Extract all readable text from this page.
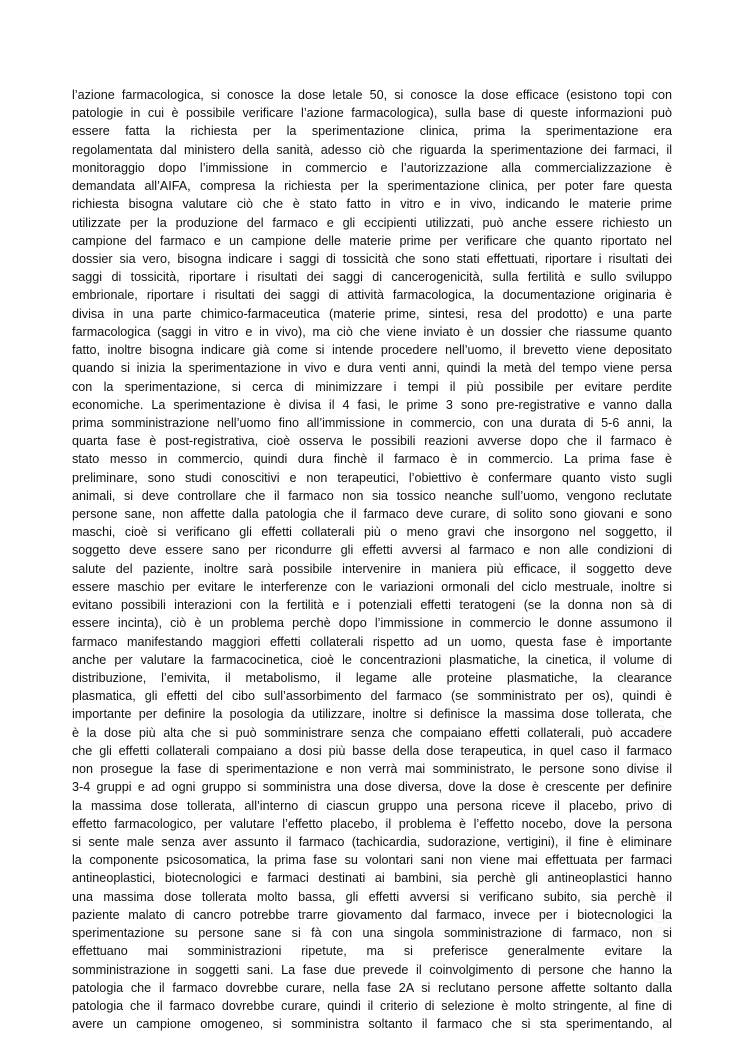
l’azione farmacologica, si conosce la dose letale 50, si conosce la dose efficace (esistono topi con
patologie in cui è possibile verificare l’azione farmacologica), sulla base di queste informazioni può
essere fatta la richiesta per la sperimentazione clinica, prima la sperimentazione era
regolamentata dal ministero della sanità, adesso ciò che riguarda la sperimentazione dei farmaci, il
monitoraggio dopo l’immissione in commercio e l’autorizzazione alla commercializzazione è
demandata all’AIFA, compresa la richiesta per la sperimentazione clinica, per poter fare questa
richiesta bisogna valutare ciò che è stato fatto in vitro e in vivo, indicando le materie prime
utilizzate per la produzione del farmaco e gli eccipienti utilizzati, può anche essere richiesto un
campione del farmaco e un campione delle materie prime per verificare che quanto riportato nel
dossier sia vero, bisogna indicare i saggi di tossicità che sono stati effettuati, riportare i risultati dei
saggi di tossicità, riportare i risultati dei saggi di cancerogenicità, sulla fertilità e sullo sviluppo
embrionale, riportare i risultati dei saggi di attività farmacologica, la documentazione originaria è
divisa in una parte chimico-farmaceutica (materie prime, sintesi, resa del prodotto) e una parte
farmacologica (saggi in vitro e in vivo), ma ciò che viene inviato è un dossier che riassume quanto
fatto, inoltre bisogna indicare già come si intende procedere nell’uomo, il brevetto viene depositato
quando si inizia la sperimentazione in vivo e dura venti anni, quindi la metà del tempo viene persa
con la sperimentazione, si cerca di minimizzare i tempi il più possibile per evitare perdite
economiche. La sperimentazione è divisa il 4 fasi, le prime 3 sono pre-registrative e vanno dalla
prima somministrazione nell’uomo fino all’immissione in commercio, con una durata di 5-6 anni, la
quarta fase è post-registrativa, cioè osserva le possibili reazioni avverse dopo che il farmaco è
stato messo in commercio, quindi dura finchè il farmaco è in commercio. La prima fase è
preliminare, sono studi conoscitivi e non terapeutici, l’obiettivo è confermare quanto visto sugli
animali, si deve controllare che il farmaco non sia tossico neanche sull’uomo, vengono reclutate
persone sane, non affette dalla patologia che il farmaco deve curare, di solito sono giovani e sono
maschi, cioè si verificano gli effetti collaterali più o meno gravi che insorgono nel soggetto, il
soggetto deve essere sano per ricondurre gli effetti avversi al farmaco e non alle condizioni di
salute del paziente, inoltre sarà possibile intervenire in maniera più efficace, il soggetto deve
essere maschio per evitare le interferenze con le variazioni ormonali del ciclo mestruale, inoltre si
evitano possibili interazioni con la fertilità e i potenziali effetti teratogeni (se la donna non sà di
essere incinta), ciò è un problema perchè dopo l’immissione in commercio le donne assumono il
farmaco manifestando maggiori effetti collaterali rispetto ad un uomo, questa fase è importante
anche per valutare la farmacocinetica, cioè le concentrazioni plasmatiche, la cinetica, il volume di
distribuzione, l’emivita, il metabolismo, il legame alle proteine plasmatiche, la clearance
plasmatica, gli effetti del cibo sull’assorbimento del farmaco (se somministrato per os), quindi è
importante per definire la posologia da utilizzare, inoltre si definisce la massima dose tollerata, che
è la dose più alta che si può somministrare senza che compaiano effetti collaterali, può accadere
che gli effetti collaterali compaiano a dosi più basse della dose terapeutica, in quel caso il farmaco
non prosegue la fase di sperimentazione e non verrà mai somministrato, le persone sono divise il
3-4 gruppi e ad ogni gruppo si somministra una dose diversa, dove la dose è crescente per definire
la massima dose tollerata, all’interno di ciascun gruppo una persona riceve il placebo, privo di
effetto farmacologico, per valutare l’effetto placebo, il problema è l’effetto nocebo, dove la persona
si sente male senza aver assunto il farmaco (tachicardia, sudorazione, vertigini), il fine è eliminare
la componente psicosomatica, la prima fase su volontari sani non viene mai effettuata per farmaci
antineoplastici, biotecnologici e farmaci destinati ai bambini, sia perchè gli antineoplastici hanno
una massima dose tollerata molto bassa, gli effetti avversi si verificano subito, sia perchè il
paziente malato di cancro potrebbe trarre giovamento dal farmaco, invece per i biotecnologici la
sperimentazione su persone sane si fà con una singola somministrazione di farmaco, non si
effettuano mai somministrazioni ripetute, ma si preferisce generalmente evitare la
somministrazione in soggetti sani. La fase due prevede il coinvolgimento di persone che hanno la
patologia che il farmaco dovrebbe curare, nella fase 2A si reclutano persone affette soltanto dalla
patologia che il farmaco dovrebbe curare, quindi il criterio di selezione è molto stringente, al fine di
avere un campione omogeneo, si somministra soltanto il farmaco che si sta sperimentando, al
